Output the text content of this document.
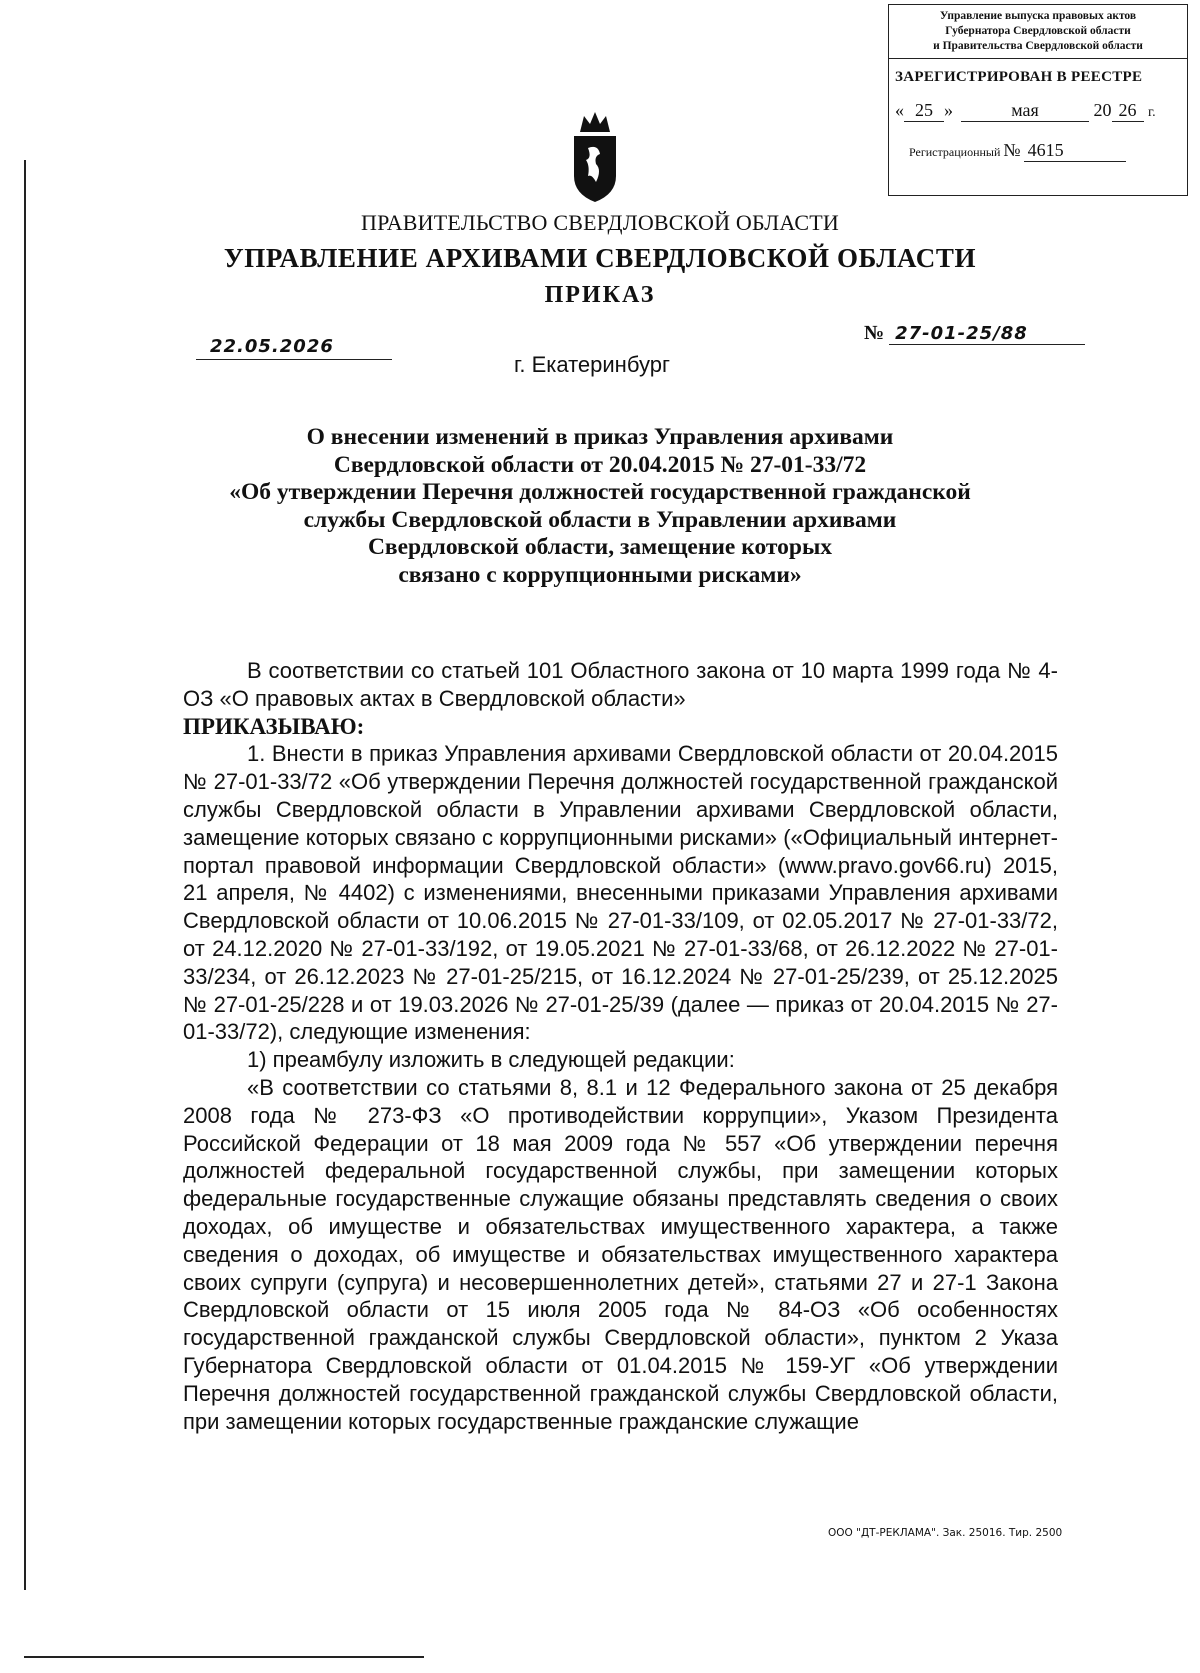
Управление выпуска правовых актов
Губернатора Свердловской области
и Правительства Свердловской области
ЗАРЕГИСТРИРОВАН В РЕЕСТРЕ
« 25 »	мая	20 26 г.
Регистрационный № 4615
ПРАВИТЕЛЬСТВО СВЕРДЛОВСКОЙ ОБЛАСТИ
УПРАВЛЕНИЕ АРХИВАМИ СВЕРДЛОВСКОЙ ОБЛАСТИ
ПРИКАЗ
22.05.2026
г. Екатеринбург
№ 27-01-25/88
О внесении изменений в приказ Управления архивами
Свердловской области от 20.04.2015 № 27-01-33/72
«Об утверждении Перечня должностей государственной гражданской
службы Свердловской области в Управлении архивами
Свердловской области, замещение которых
связано с коррупционными рисками»

В соответствии со статьей 101 Областного закона от 10 марта 1999 года № 4-ОЗ «О правовых актах в Свердловской области»

ПРИКАЗЫВАЮ:

1. Внести в приказ Управления архивами Свердловской области от 20.04.2015 № 27-01-33/72 «Об утверждении Перечня должностей государственной гражданской службы Свердловской области в Управлении архивами Свердловской области, замещение которых связано с коррупционными рисками» («Официальный интернет-портал правовой информации Свердловской области» (www.pravo.gov66.ru) 2015, 21 апреля, № 4402) с изменениями, внесенными приказами Управления архивами Свердловской области от 10.06.2015 № 27-01-33/109, от 02.05.2017 № 27-01-33/72, от 24.12.2020 № 27-01-33/192, от 19.05.2021 № 27-01-33/68, от 26.12.2022 № 27-01-33/234, от 26.12.2023 № 27-01-25/215, от 16.12.2024 № 27-01-25/239, от 25.12.2025 № 27-01-25/228 и от 19.03.2026 № 27-01-25/39 (далее — приказ от 20.04.2015 № 27-01-33/72), следующие изменения:

1) преамбулу изложить в следующей редакции:

«В соответствии со статьями 8, 8.1 и 12 Федерального закона от 25 декабря 2008 года № 273-ФЗ «О противодействии коррупции», Указом Президента Российской Федерации от 18 мая 2009 года № 557 «Об утверждении перечня должностей федеральной государственной службы, при замещении которых федеральные государственные служащие обязаны представлять сведения о своих доходах, об имуществе и обязательствах имущественного характера, а также сведения о доходах, об имуществе и обязательствах имущественного характера своих супруги (супруга) и несовершеннолетних детей», статьями 27 и 27-1 Закона Свердловской области от 15 июля 2005 года № 84-ОЗ «Об особенностях государственной гражданской службы Свердловской области», пунктом 2 Указа Губернатора Свердловской области от 01.04.2015 № 159-УГ «Об утверждении Перечня должностей государственной гражданской службы Свердловской области, при замещении которых государственные гражданские служащие

ООО "ДТ-РЕКЛАМА". Зак. 25016. Тир. 2500
